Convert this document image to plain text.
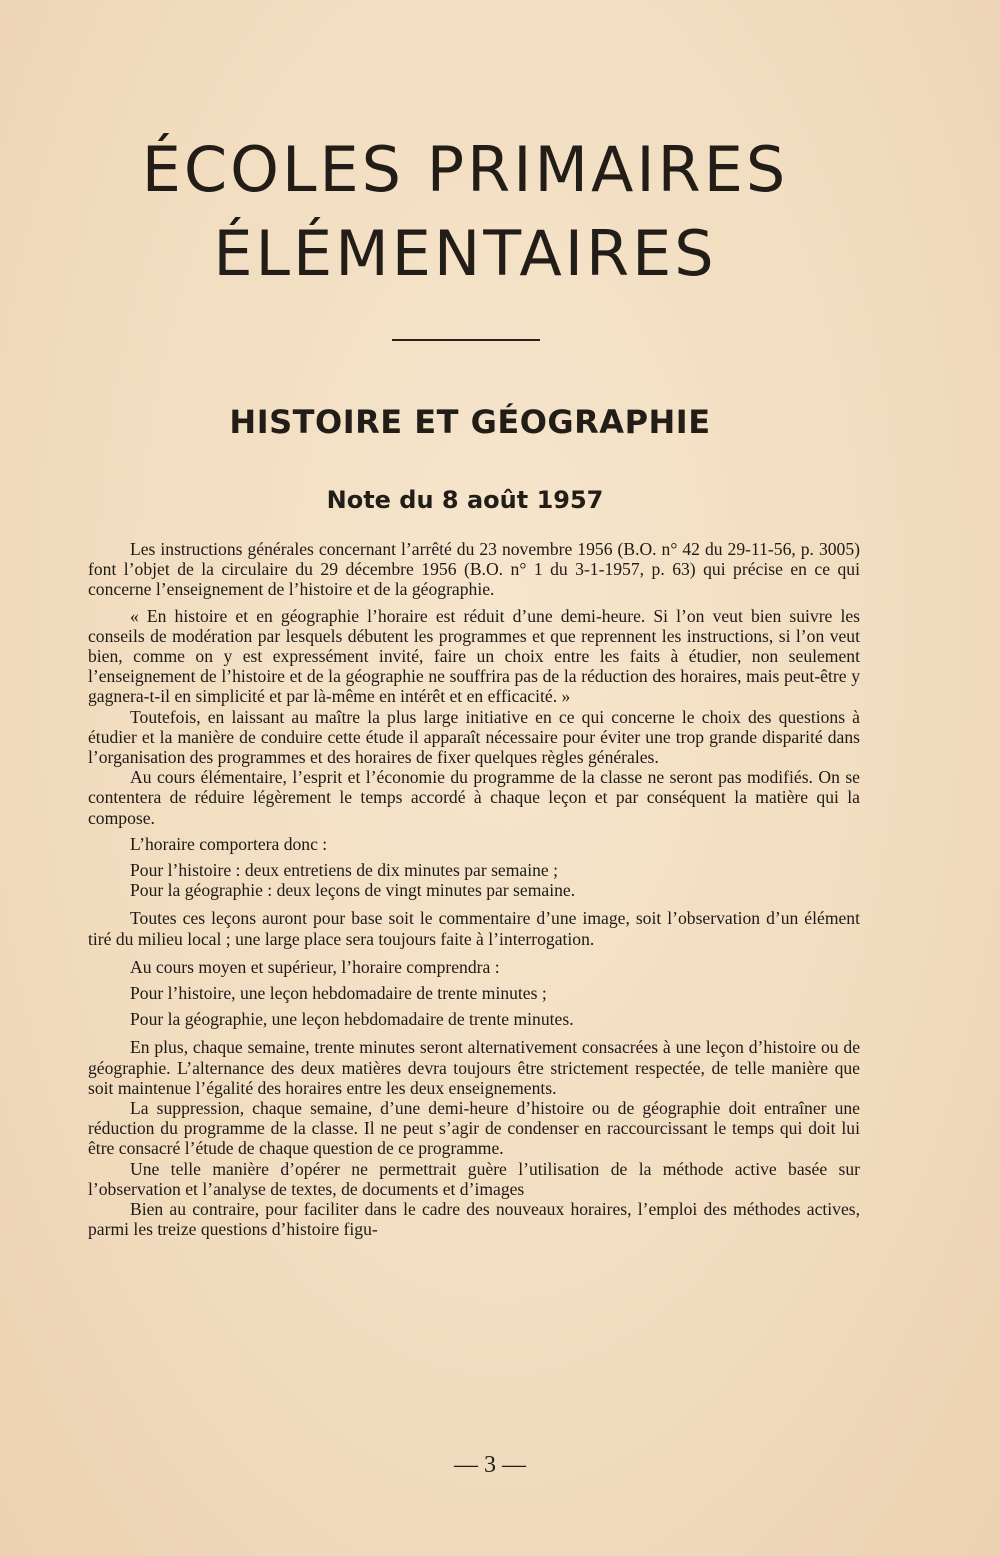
ÉCOLES PRIMAIRES
ÉLÉMENTAIRES
HISTOIRE ET GÉOGRAPHIE
Note du 8 août 1957

Les instructions générales concernant l’arrêté du 23 novembre 1956 (B.O. n° 42 du 29-11-56, p. 3005) font l’objet de la circulaire du 29 décembre 1956 (B.O. n° 1 du 3-1-1957, p. 63) qui précise en ce qui concerne l’enseignement de l’histoire et de la géographie.

« En histoire et en géographie l’horaire est réduit d’une demi-heure. Si l’on veut bien suivre les conseils de modération par lesquels débutent les programmes et que reprennent les instructions, si l’on veut bien, comme on y est expressément invité, faire un choix entre les faits à étudier, non seulement l’enseignement de l’histoire et de la géographie ne souffrira pas de la réduction des horaires, mais peut-être y gagnera-t-il en simplicité et par là-même en intérêt et en efficacité. »

Toutefois, en laissant au maître la plus large initiative en ce qui concerne le choix des questions à étudier et la manière de conduire cette étude il apparaît nécessaire pour éviter une trop grande disparité dans l’organisation des programmes et des horaires de fixer quelques règles générales.

Au cours élémentaire, l’esprit et l’économie du programme de la classe ne seront pas modifiés. On se contentera de réduire légèrement le temps accordé à chaque leçon et par conséquent la matière qui la compose.

L’horaire comportera donc :

Pour l’histoire : deux entretiens de dix minutes par semaine ;

Pour la géographie : deux leçons de vingt minutes par semaine.

Toutes ces leçons auront pour base soit le commentaire d’une image, soit l’observation d’un élément tiré du milieu local ; une large place sera toujours faite à l’interrogation.

Au cours moyen et supérieur, l’horaire comprendra :

Pour l’histoire, une leçon hebdomadaire de trente minutes ;

Pour la géographie, une leçon hebdomadaire de trente minutes.

En plus, chaque semaine, trente minutes seront alternativement consacrées à une leçon d’histoire ou de géographie. L’alternance des deux matières devra toujours être strictement respectée, de telle manière que soit maintenue l’égalité des horaires entre les deux enseignements.

La suppression, chaque semaine, d’une demi-heure d’histoire ou de géographie doit entraîner une réduction du programme de la classe. Il ne peut s’agir de condenser en raccourcissant le temps qui doit lui être consacré l’étude de chaque question de ce programme.

Une telle manière d’opérer ne permettrait guère l’utilisation de la méthode active basée sur l’observation et l’analyse de textes, de documents et d’images

Bien au contraire, pour faciliter dans le cadre des nouveaux horaires, l’emploi des méthodes actives, parmi les treize questions d’histoire figu-

— 3 —
